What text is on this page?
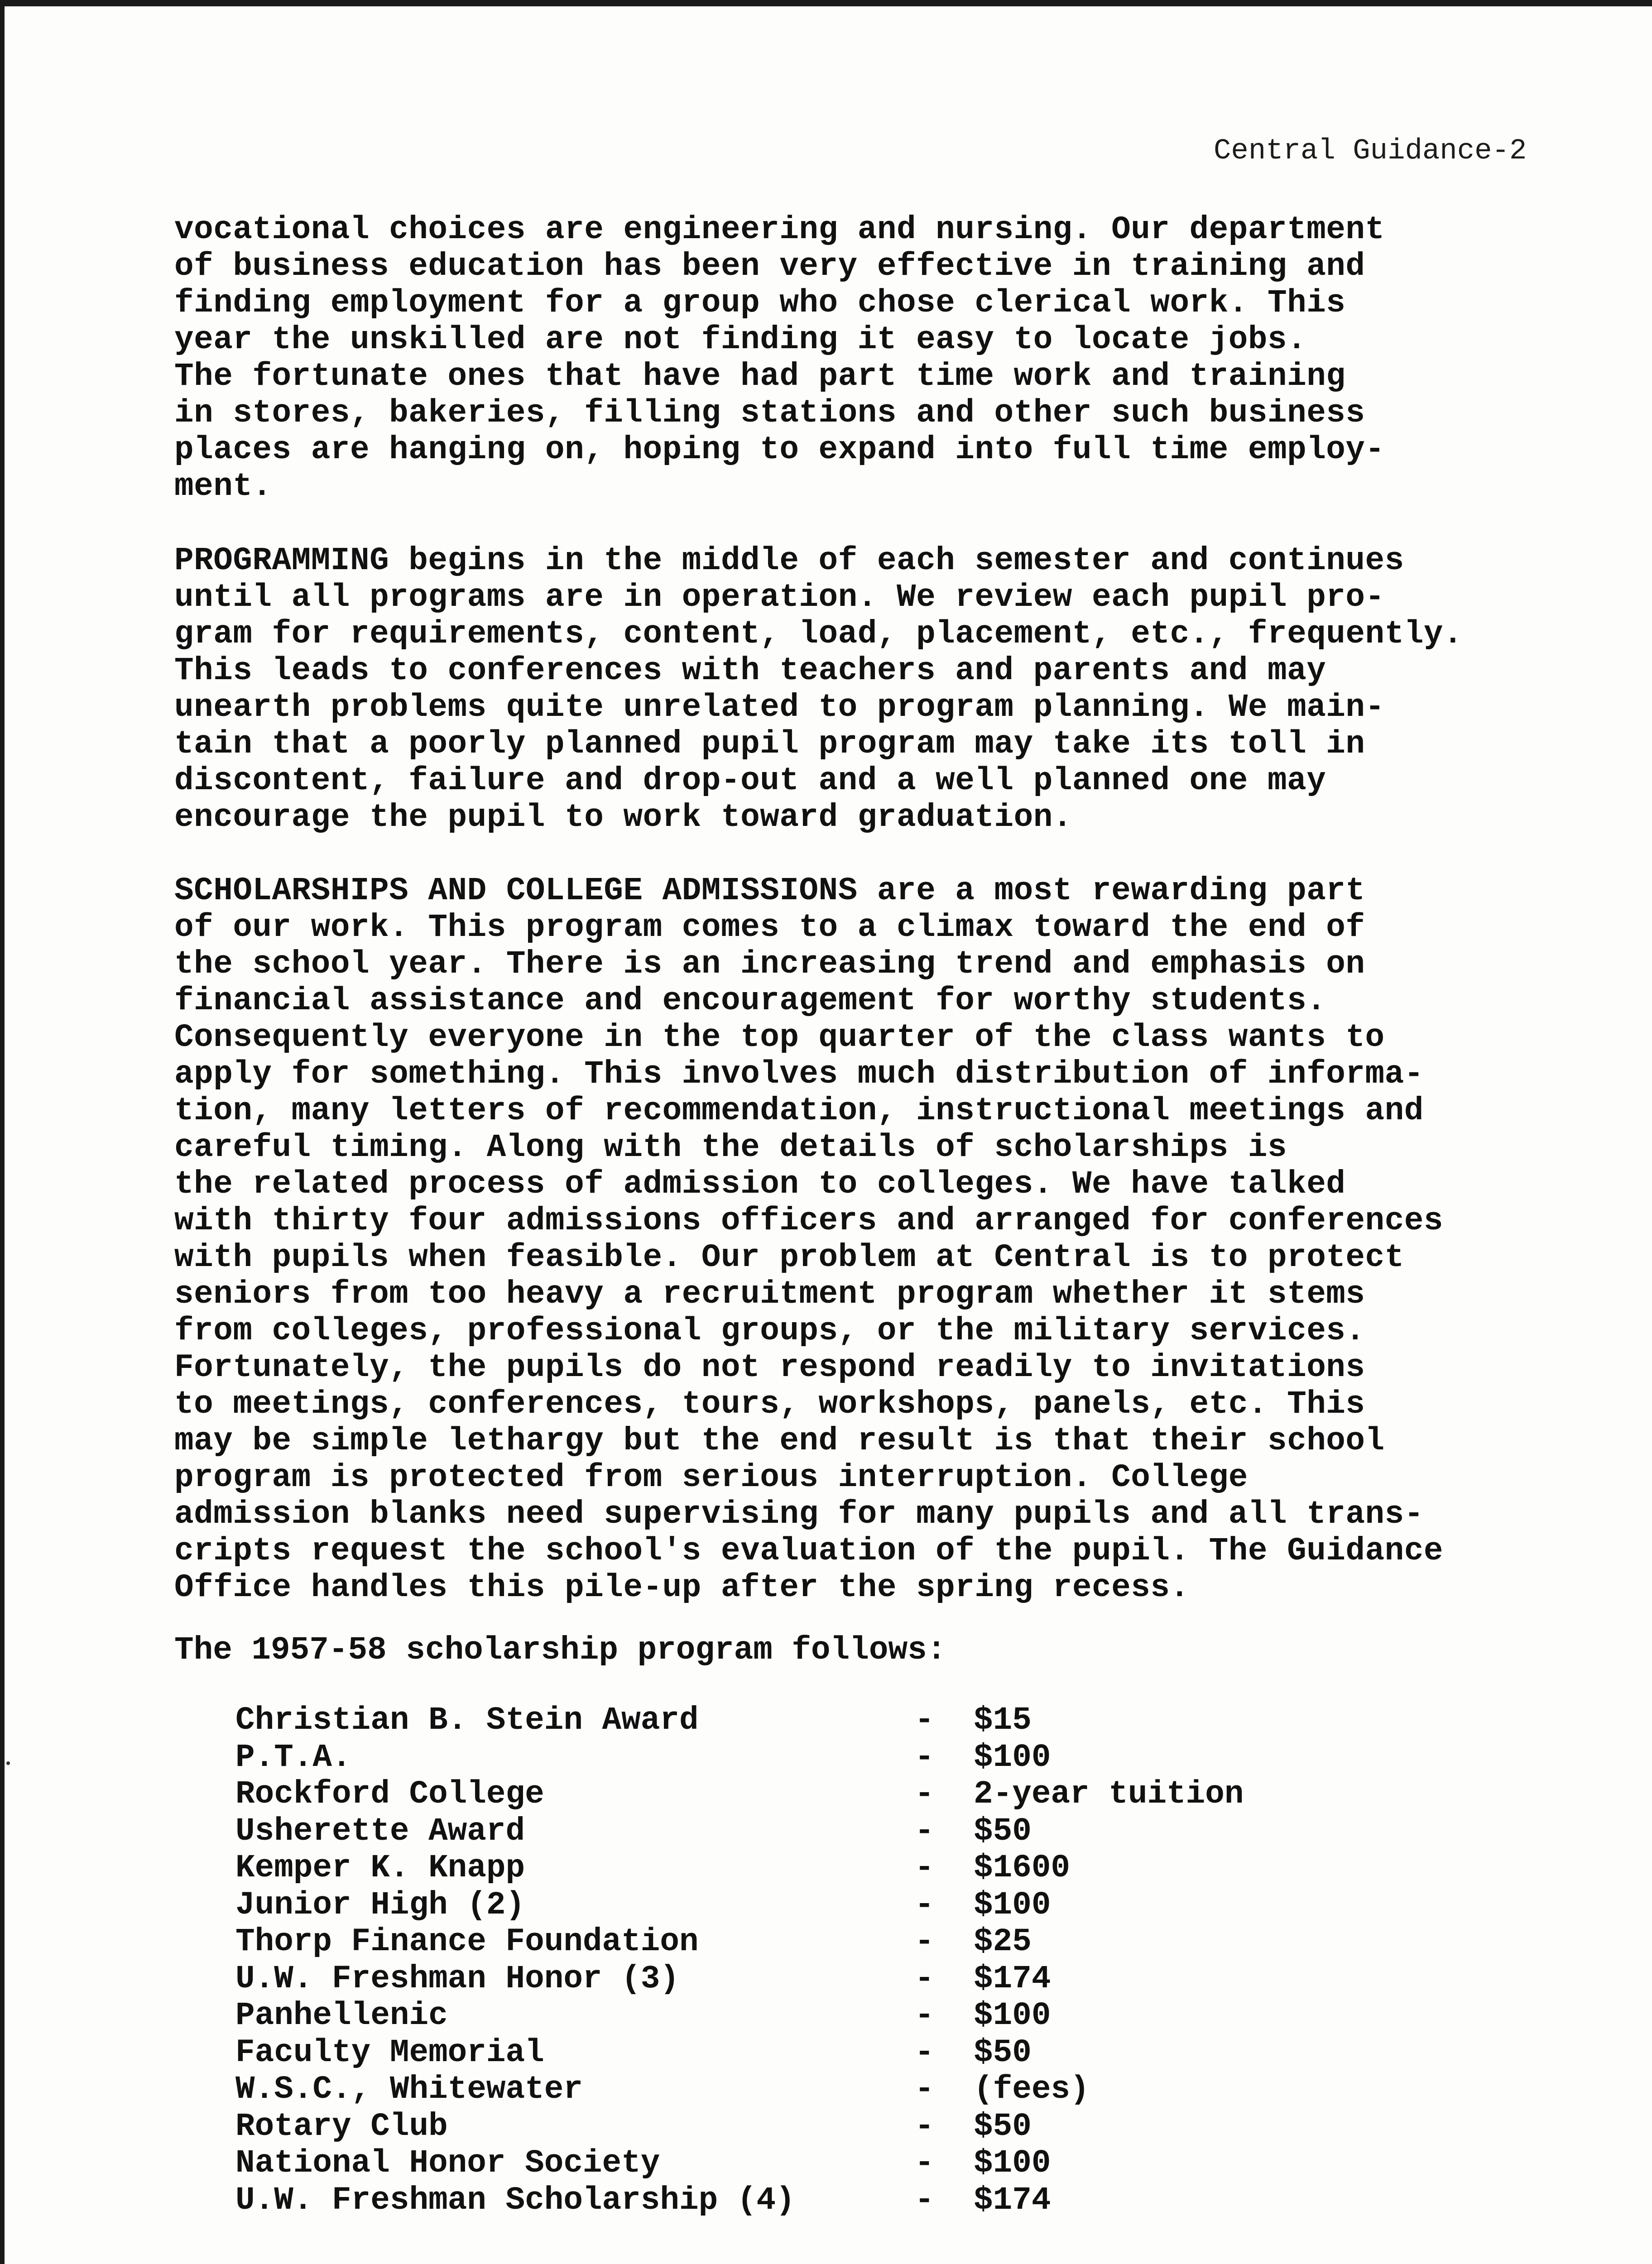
Central Guidance-2
vocational choices are engineering and nursing. Our department
of business education has been very effective in training and
finding employment for a group who chose clerical work. This
year the unskilled are not finding it easy to locate jobs.
The fortunate ones that have had part time work and training
in stores, bakeries, filling stations and other such business
places are hanging on, hoping to expand into full time employ-
ment.
PROGRAMMING begins in the middle of each semester and continues
until all programs are in operation. We review each pupil pro-
gram for requirements, content, load, placement, etc., frequently.
This leads to conferences with teachers and parents and may
unearth problems quite unrelated to program planning. We main-
tain that a poorly planned pupil program may take its toll in
discontent, failure and drop-out and a well planned one may
encourage the pupil to work toward graduation.
SCHOLARSHIPS AND COLLEGE ADMISSIONS are a most rewarding part
of our work. This program comes to a climax toward the end of
the school year. There is an increasing trend and emphasis on
financial assistance and encouragement for worthy students.
Consequently everyone in the top quarter of the class wants to
apply for something. This involves much distribution of informa-
tion, many letters of recommendation, instructional meetings and
careful timing. Along with the details of scholarships is
the related process of admission to colleges. We have talked
with thirty four admissions officers and arranged for conferences
with pupils when feasible. Our problem at Central is to protect
seniors from too heavy a recruitment program whether it stems
from colleges, professional groups, or the military services.
Fortunately, the pupils do not respond readily to invitations
to meetings, conferences, tours, workshops, panels, etc. This
may be simple lethargy but the end result is that their school
program is protected from serious interruption. College
admission blanks need supervising for many pupils and all trans-
cripts request the school's evaluation of the pupil. The Guidance
Office handles this pile-up after the spring recess.
The 1957-58 scholarship program follows:
Christian B. Stein Award	- $15
P.T.A.	- $100
Rockford College	- 2-year tuition
Usherette Award	- $50
Kemper K. Knapp	- $1600
Junior High (2)	- $100
Thorp Finance Foundation	- $25
U.W. Freshman Honor (3)	- $174
Panhellenic	- $100
Faculty Memorial	- $50
W.S.C., Whitewater	- (fees)
Rotary Club	- $50
National Honor Society	- $100
U.W. Freshman Scholarship (4)	- $174
